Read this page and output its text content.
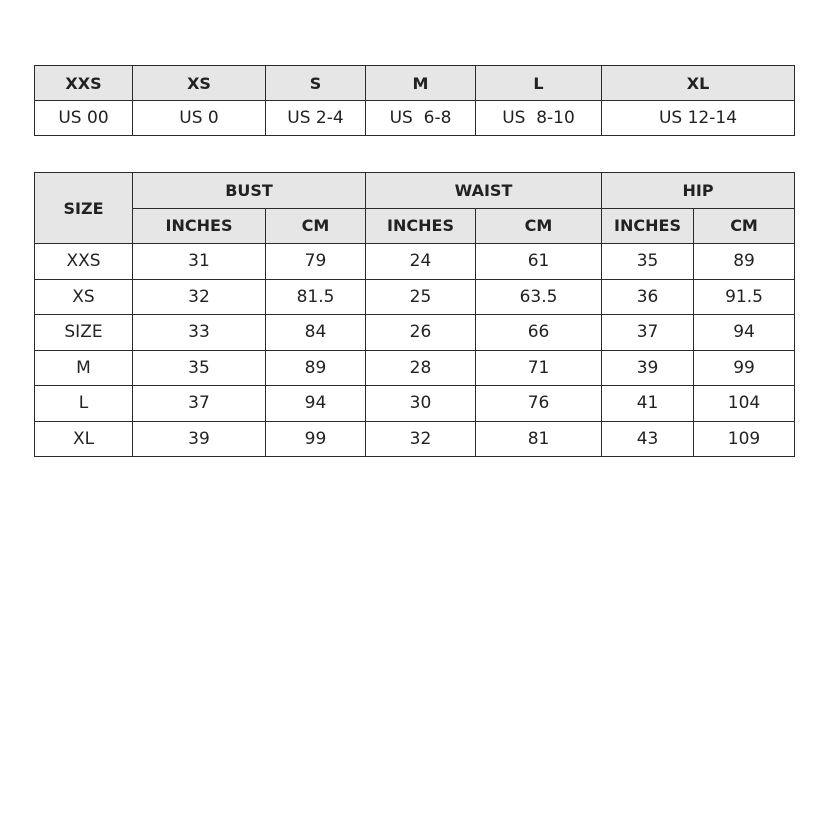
XXS	XS	S	M	L	XL
US 00	US 0	US 2-4	US  6-8	US  8-10	US 12-14
SIZE	BUST		WAIST		HIP	
	INCHES	CM	INCHES	CM	INCHES	CM
XXS	31	79	24	61	35	89
XS	32	81.5	25	63.5	36	91.5
SIZE	33	84	26	66	37	94
M	35	89	28	71	39	99
L	37	94	30	76	41	104
XL	39	99	32	81	43	109
